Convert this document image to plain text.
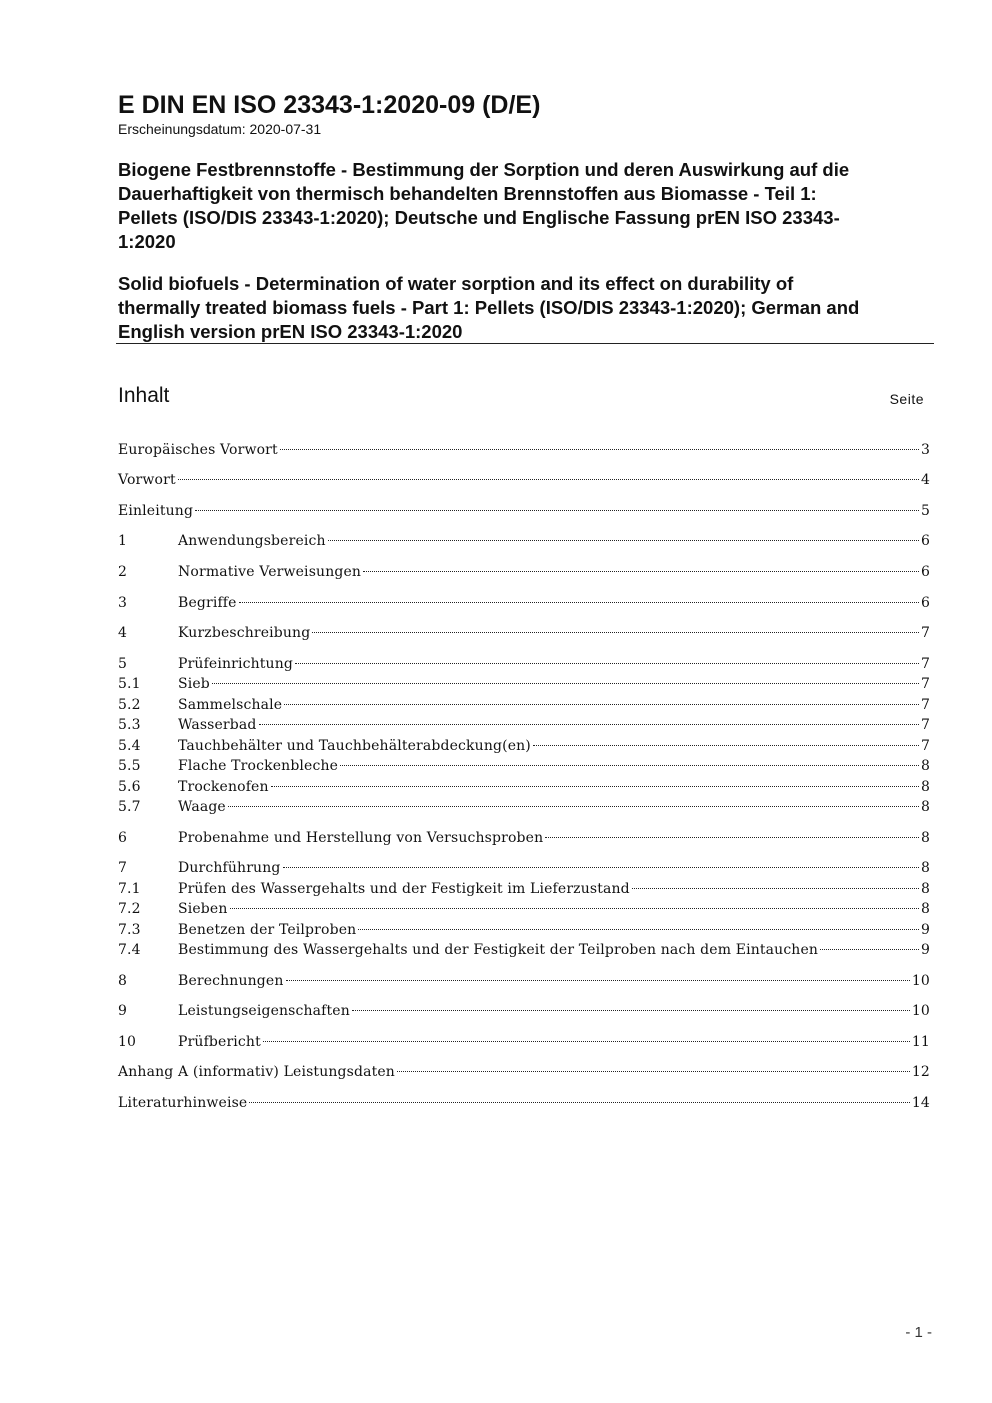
E DIN EN ISO 23343-1:2020-09 (D/E)
Erscheinungsdatum: 2020-07-31
Biogene Festbrennstoffe - Bestimmung der Sorption und deren Auswirkung auf die
Dauerhaftigkeit von thermisch behandelten Brennstoffen aus Biomasse - Teil 1:
Pellets (ISO/DIS 23343-1:2020); Deutsche und Englische Fassung prEN ISO 23343-
1:2020
Solid biofuels - Determination of water sorption and its effect on durability of
thermally treated biomass fuels - Part 1: Pellets (ISO/DIS 23343-1:2020); German and
English version prEN ISO 23343-1:2020
Inhalt	Seite
Europäisches Vorwort	3
Vorwort	4
Einleitung	5
1	Anwendungsbereich	6
2	Normative Verweisungen	6
3	Begriffe	6
4	Kurzbeschreibung	7
5	Prüfeinrichtung	7
5.1	Sieb	7
5.2	Sammelschale	7
5.3	Wasserbad	7
5.4	Tauchbehälter und Tauchbehälterabdeckung(en)	7
5.5	Flache Trockenbleche	8
5.6	Trockenofen	8
5.7	Waage	8
6	Probenahme und Herstellung von Versuchsproben	8
7	Durchführung	8
7.1	Prüfen des Wassergehalts und der Festigkeit im Lieferzustand	8
7.2	Sieben	8
7.3	Benetzen der Teilproben	9
7.4	Bestimmung des Wassergehalts und der Festigkeit der Teilproben nach dem Eintauchen	9
8	Berechnungen	10
9	Leistungseigenschaften	10
10	Prüfbericht	11
Anhang A (informativ) Leistungsdaten	12
Literaturhinweise	14
- 1 -
